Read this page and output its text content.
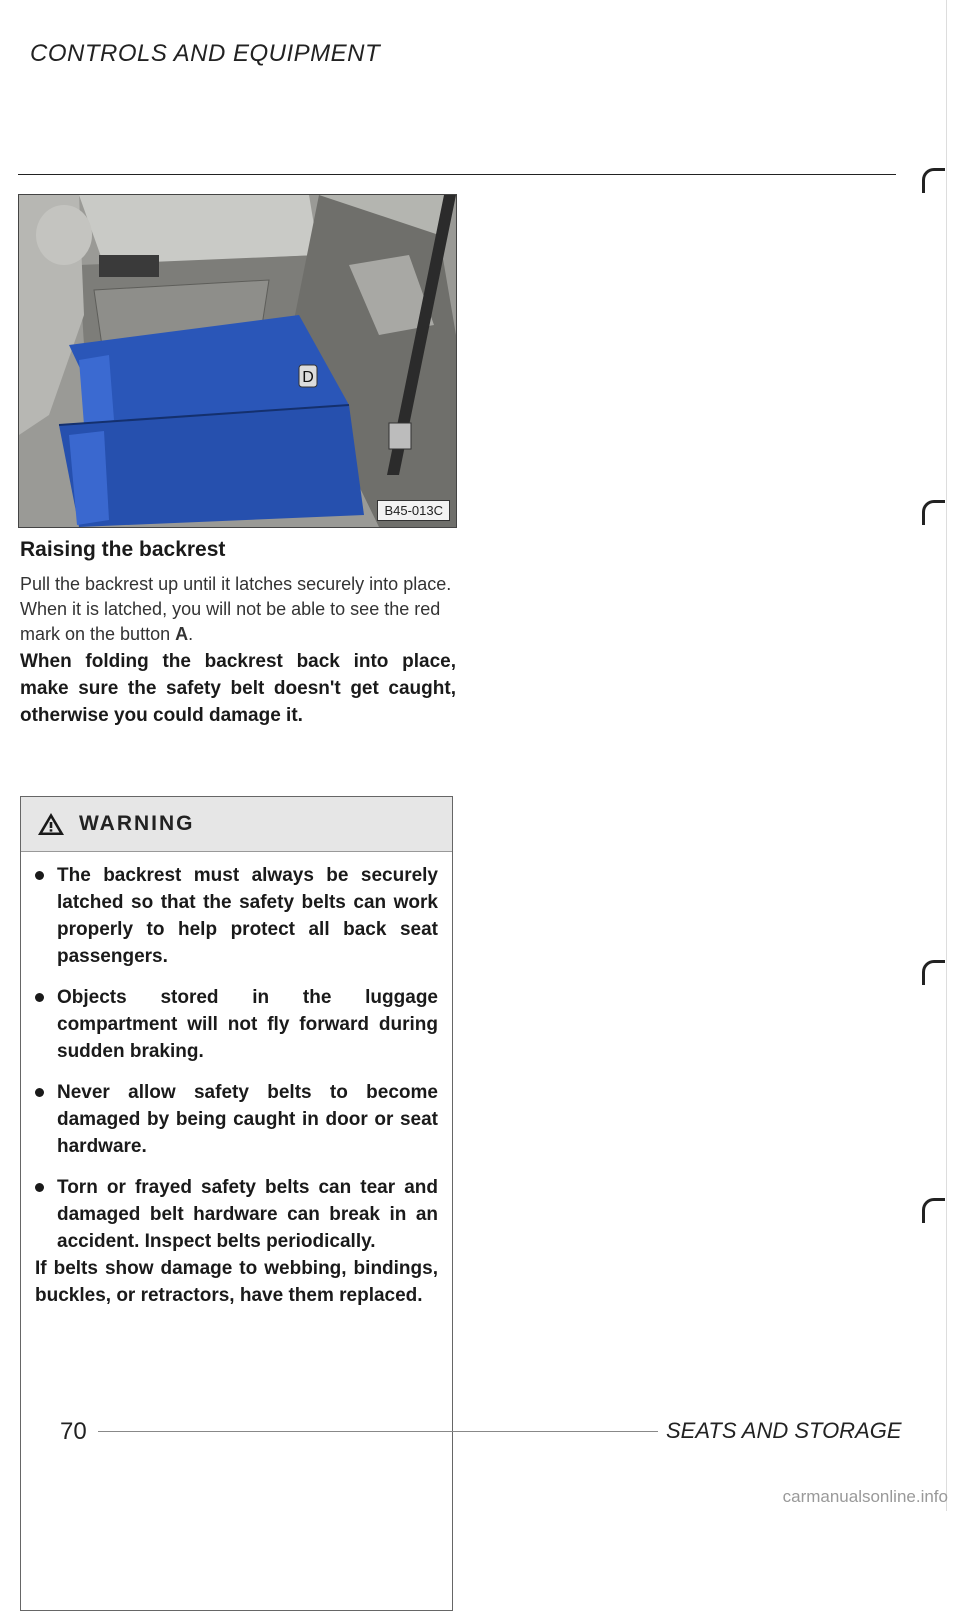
CONTROLS AND EQUIPMENT
D
B45-013C
Raising the backrest
Pull the backrest up until it latches securely into place. When it is latched, you will not be able to see the red mark on the button A.
When folding the backrest back into place, make sure the safety belt doesn't get caught, otherwise you could damage it.
WARNING
The backrest must always be securely latched so that the safety belts can work properly to help protect all back seat passengers.
Objects stored in the luggage compartment will not fly forward during sudden braking.
Never allow safety belts to become damaged by being caught in door or seat hardware.
Torn or frayed safety belts can tear and damaged belt hardware can break in an accident. Inspect belts periodically.
If belts show damage to webbing, bindings, buckles, or retractors, have them replaced.
70	SEATS AND STORAGE
carmanualsonline.info
